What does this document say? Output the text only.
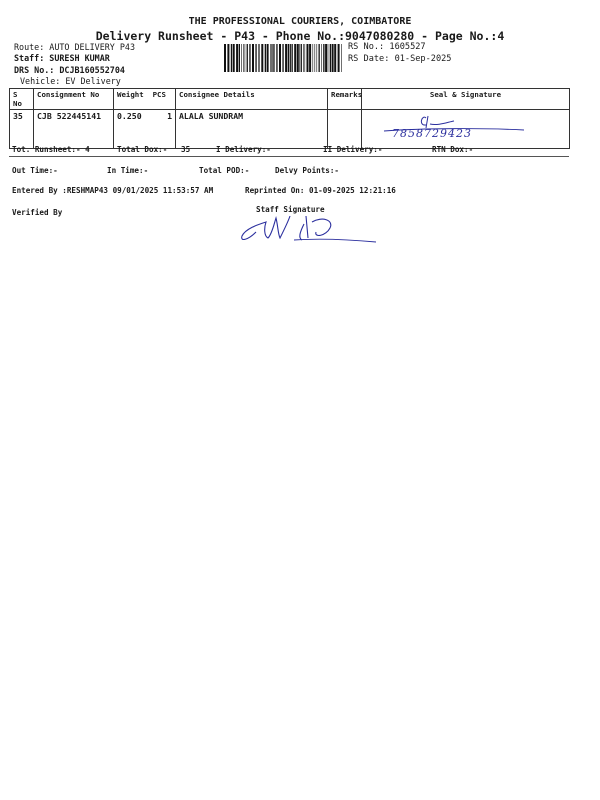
THE PROFESSIONAL COURIERS, COIMBATORE
Delivery Runsheet - P43 - Phone No.:9047080280 - Page No.:4
Route: AUTO DELIVERY P43
Staff: SURESH KUMAR
DRS No.: DCJB160552704
Vehicle: EV Delivery
RS No.: 1605527
RS Date: 01-Sep-2025
S No	Consignment No	Weight  PCS	Consignee Details	Remarks	Seal & Signature
35	CJB 522445141	0.250 1	ALALA SUNDRAM		7858729423
Tot. Runsheet:- 4	Total Dox:-   35	I Delivery:-	II Delivery:-	RTN Dox:-
Out Time:-	In Time:-	Total POD:-	Delvy Points:-
Entered By :RESHMAP43 09/01/2025 11:53:57 AM	Reprinted On: 01-09-2025 12:21:16
Verified By	Staff Signature
